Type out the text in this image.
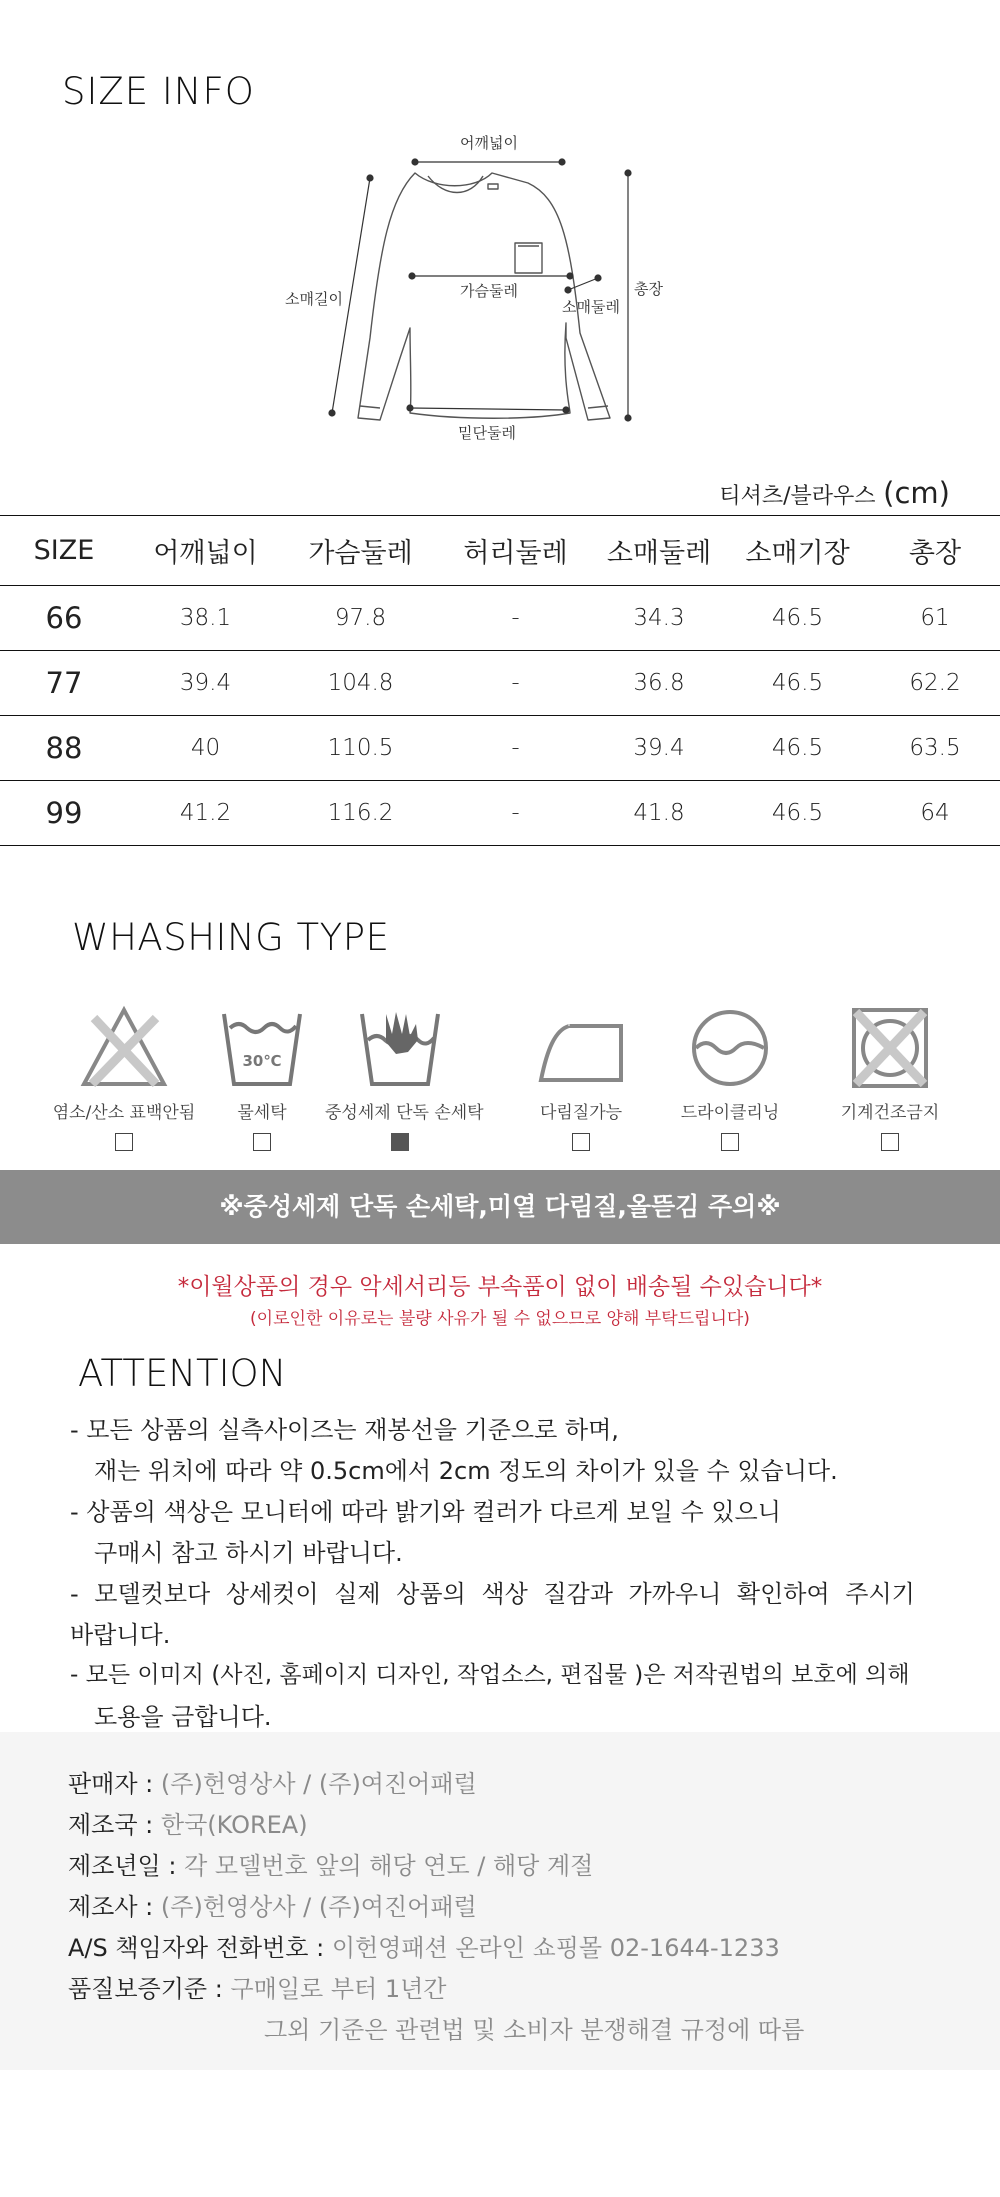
SIZE INFO
어깨넓이
소매길이	가슴둘레
소매둘레
총장
밑단둘레
티셔츠/블라우스 (cm)
SIZE	어깨넓이	가슴둘레	허리둘레	소매둘레	소매기장	총장
66	38.1	97.8	-	34.3	46.5	61
77	39.4	104.8	-	36.8	46.5	62.2
88	40	110.5	-	39.4	46.5	63.5
99	41.2	116.2	-	41.8	46.5	64
WHASHING TYPE
염소/산소 표백안됨
30℃
물세탁	중성세제 단독 손세탁	다림질가능	드라이클리닝	기계건조금지
※중성세제 단독 손세탁,미열 다림질,올뜯김 주의※
*이월상품의 경우 악세서리등 부속품이 없이 배송될 수있습니다*
(이로인한 이유로는 불량 사유가 될 수 없으므로 양해 부탁드립니다)
ATTENTION
- 모든 상품의 실측사이즈는 재봉선을 기준으로 하며,
재는 위치에 따라 약 0.5cm에서 2cm 정도의 차이가 있을 수 있습니다.
- 상품의 색상은 모니터에 따라 밝기와 컬러가 다르게 보일 수 있으니
구매시 참고 하시기 바랍니다.
- 모델컷보다 상세컷이 실제 상품의 색상 질감과 가까우니 확인하여 주시기
바랍니다.
- 모든 이미지 (사진, 홈페이지 디자인, 작업소스, 편집물 )은 저작권법의 보호에 의해
도용을 금합니다.
판매자 : (주)헌영상사 / (주)여진어패럴
제조국 : 한국(KOREA)
제조년일 : 각 모델번호 앞의 해당 연도 / 해당 계절
제조사 : (주)헌영상사 / (주)여진어패럴
A/S 책임자와 전화번호 : 이헌영패션 온라인 쇼핑몰 02-1644-1233
품질보증기준 : 구매일로 부터 1년간
그외 기준은 관련법 및 소비자 분쟁해결 규정에 따름
